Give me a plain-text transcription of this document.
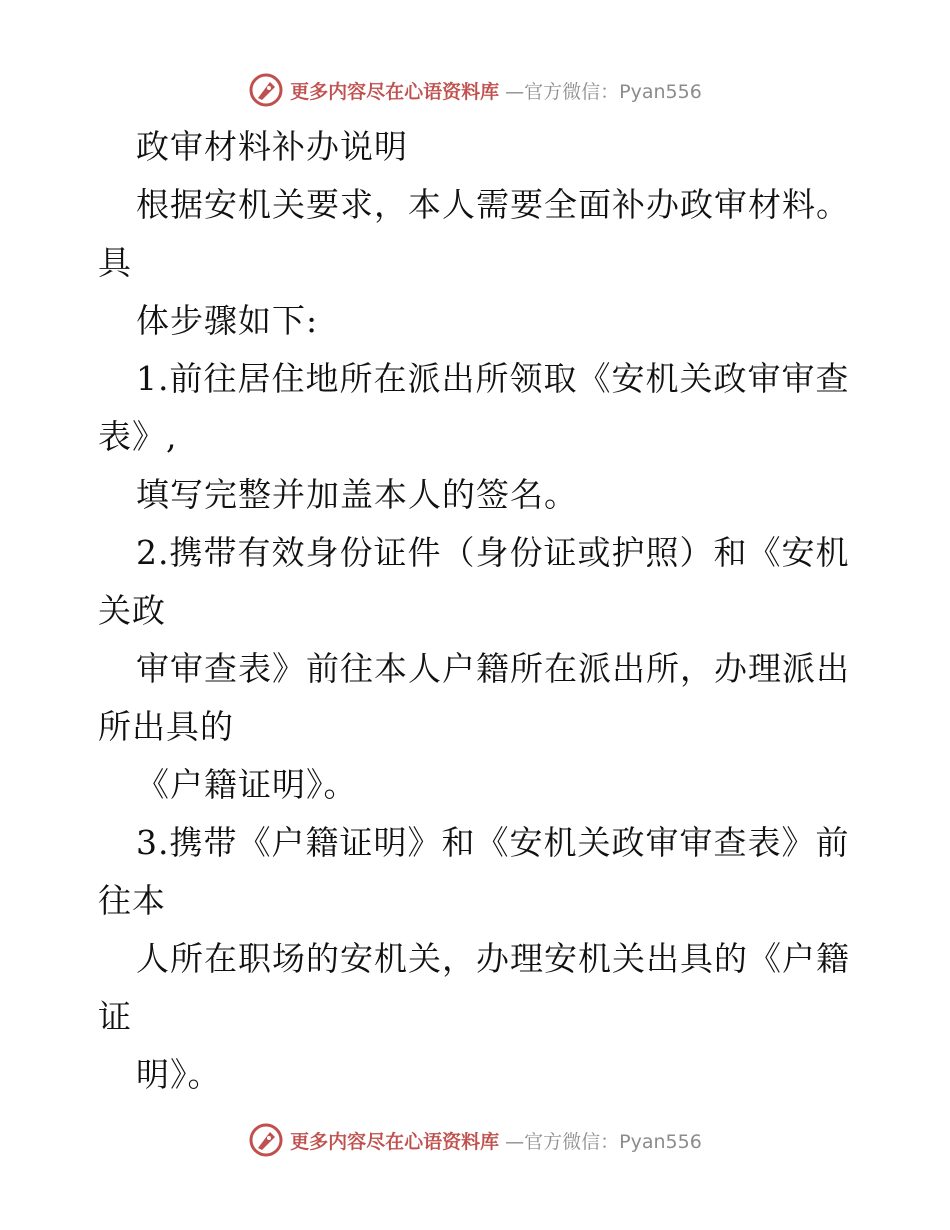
更多内容尽在心语资料库 —官方微信：Pyan556
政审材料补办说明
根据安机关要求，本人需要全面补办政审材料。
具
体步骤如下:
1.前往居住地所在派出所领取《安机关政审审查
表》,
填写完整并加盖本人的签名。
2.携带有效身份证件（身份证或护照）和《安机
关政
审审查表》前往本人户籍所在派出所，办理派出
所出具的
《户籍证明》。
3.携带《户籍证明》和《安机关政审审查表》前
往本
人所在职场的安机关，办理安机关出具的《户籍
证
明》。
更多内容尽在心语资料库 —官方微信：Pyan556
